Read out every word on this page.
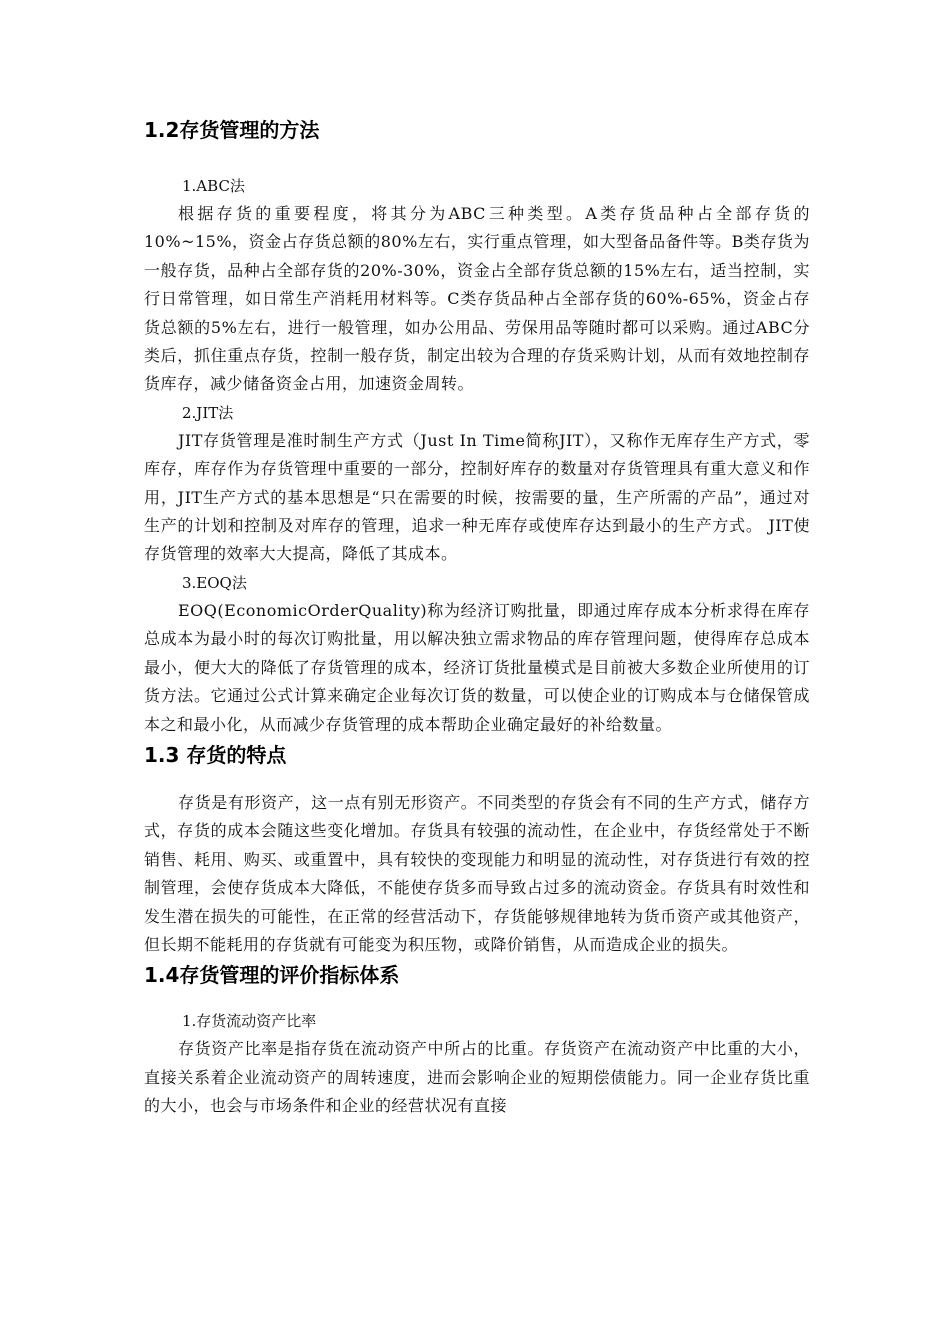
1.2存货管理的方法

1.ABC法

根据存货的重要程度，将其分为ABC三种类型。A类存货品种占全部存货的10%~15%，资金占存货总额的80%左右，实行重点管理，如大型备品备件等。B类存货为一般存货，品种占全部存货的20%-30%，资金占全部存货总额的15%左右，适当控制，实行日常管理，如日常生产消耗用材料等。C类存货品种占全部存货的60%-65%，资金占存货总额的5%左右，进行一般管理，如办公用品、劳保用品等随时都可以采购。通过ABC分类后，抓住重点存货，控制一般存货，制定出较为合理的存货采购计划，从而有效地控制存货库存，减少储备资金占用，加速资金周转。

2.JIT法

JIT存货管理是准时制生产方式（Just In Time简称JIT），又称作无库存生产方式，零库存，库存作为存货管理中重要的一部分，控制好库存的数量对存货管理具有重大意义和作用，JIT生产方式的基本思想是“只在需要的时候，按需要的量，生产所需的产品”，通过对生产的计划和控制及对库存的管理，追求一种无库存或使库存达到最小的生产方式。 JIT使存货管理的效率大大提高，降低了其成本。

3.EOQ法

EOQ(EconomicOrderQuality)称为经济订购批量，即通过库存成本分析求得在库存总成本为最小时的每次订购批量，用以解决独立需求物品的库存管理问题，使得库存总成本最小，便大大的降低了存货管理的成本，经济订货批量模式是目前被大多数企业所使用的订货方法。它通过公式计算来确定企业每次订货的数量，可以使企业的订购成本与仓储保管成本之和最小化，从而减少存货管理的成本帮助企业确定最好的补给数量。

1.3 存货的特点

存货是有形资产，这一点有别无形资产。不同类型的存货会有不同的生产方式，储存方式，存货的成本会随这些变化增加。存货具有较强的流动性，在企业中，存货经常处于不断销售、耗用、购买、或重置中，具有较快的变现能力和明显的流动性，对存货进行有效的控制管理，会使存货成本大降低，不能使存货多而导致占过多的流动资金。存货具有时效性和发生潜在损失的可能性，在正常的经营活动下，存货能够规律地转为货币资产或其他资产，但长期不能耗用的存货就有可能变为积压物，或降价销售，从而造成企业的损失。

1.4存货管理的评价指标体系

1.存货流动资产比率

存货资产比率是指存货在流动资产中所占的比重。存货资产在流动资产中比重的大小，直接关系着企业流动资产的周转速度，进而会影响企业的短期偿债能力。同一企业存货比重的大小，也会与市场条件和企业的经营状况有直接
